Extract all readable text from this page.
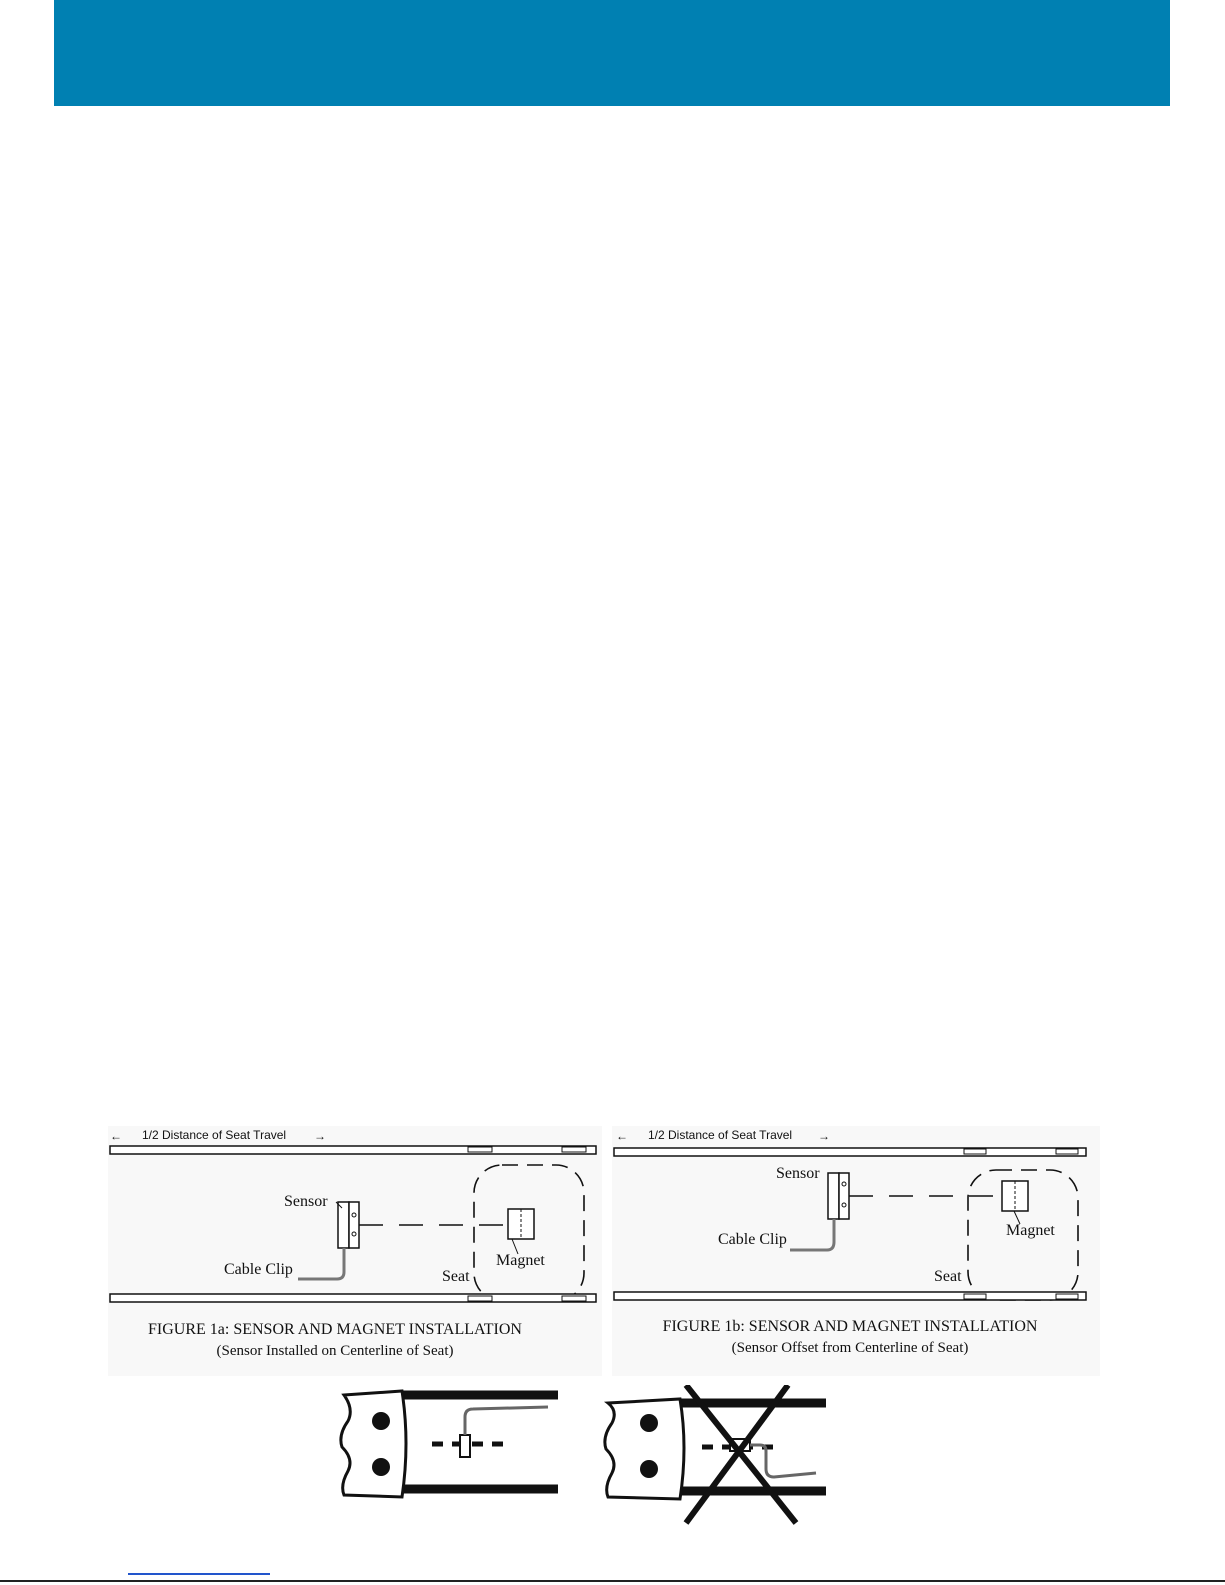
← 1/2 Distance of Seat Travel →
Sensor
Cable Clip	Seat
Magnet
FIGURE 1a: SENSOR AND MAGNET INSTALLATION
(Sensor Installed on Centerline of Seat)
← 1/2 Distance of Seat Travel →
Sensor
Cable Clip
Seat
Magnet
FIGURE 1b: SENSOR AND MAGNET INSTALLATION
(Sensor Offset from Centerline of Seat)
